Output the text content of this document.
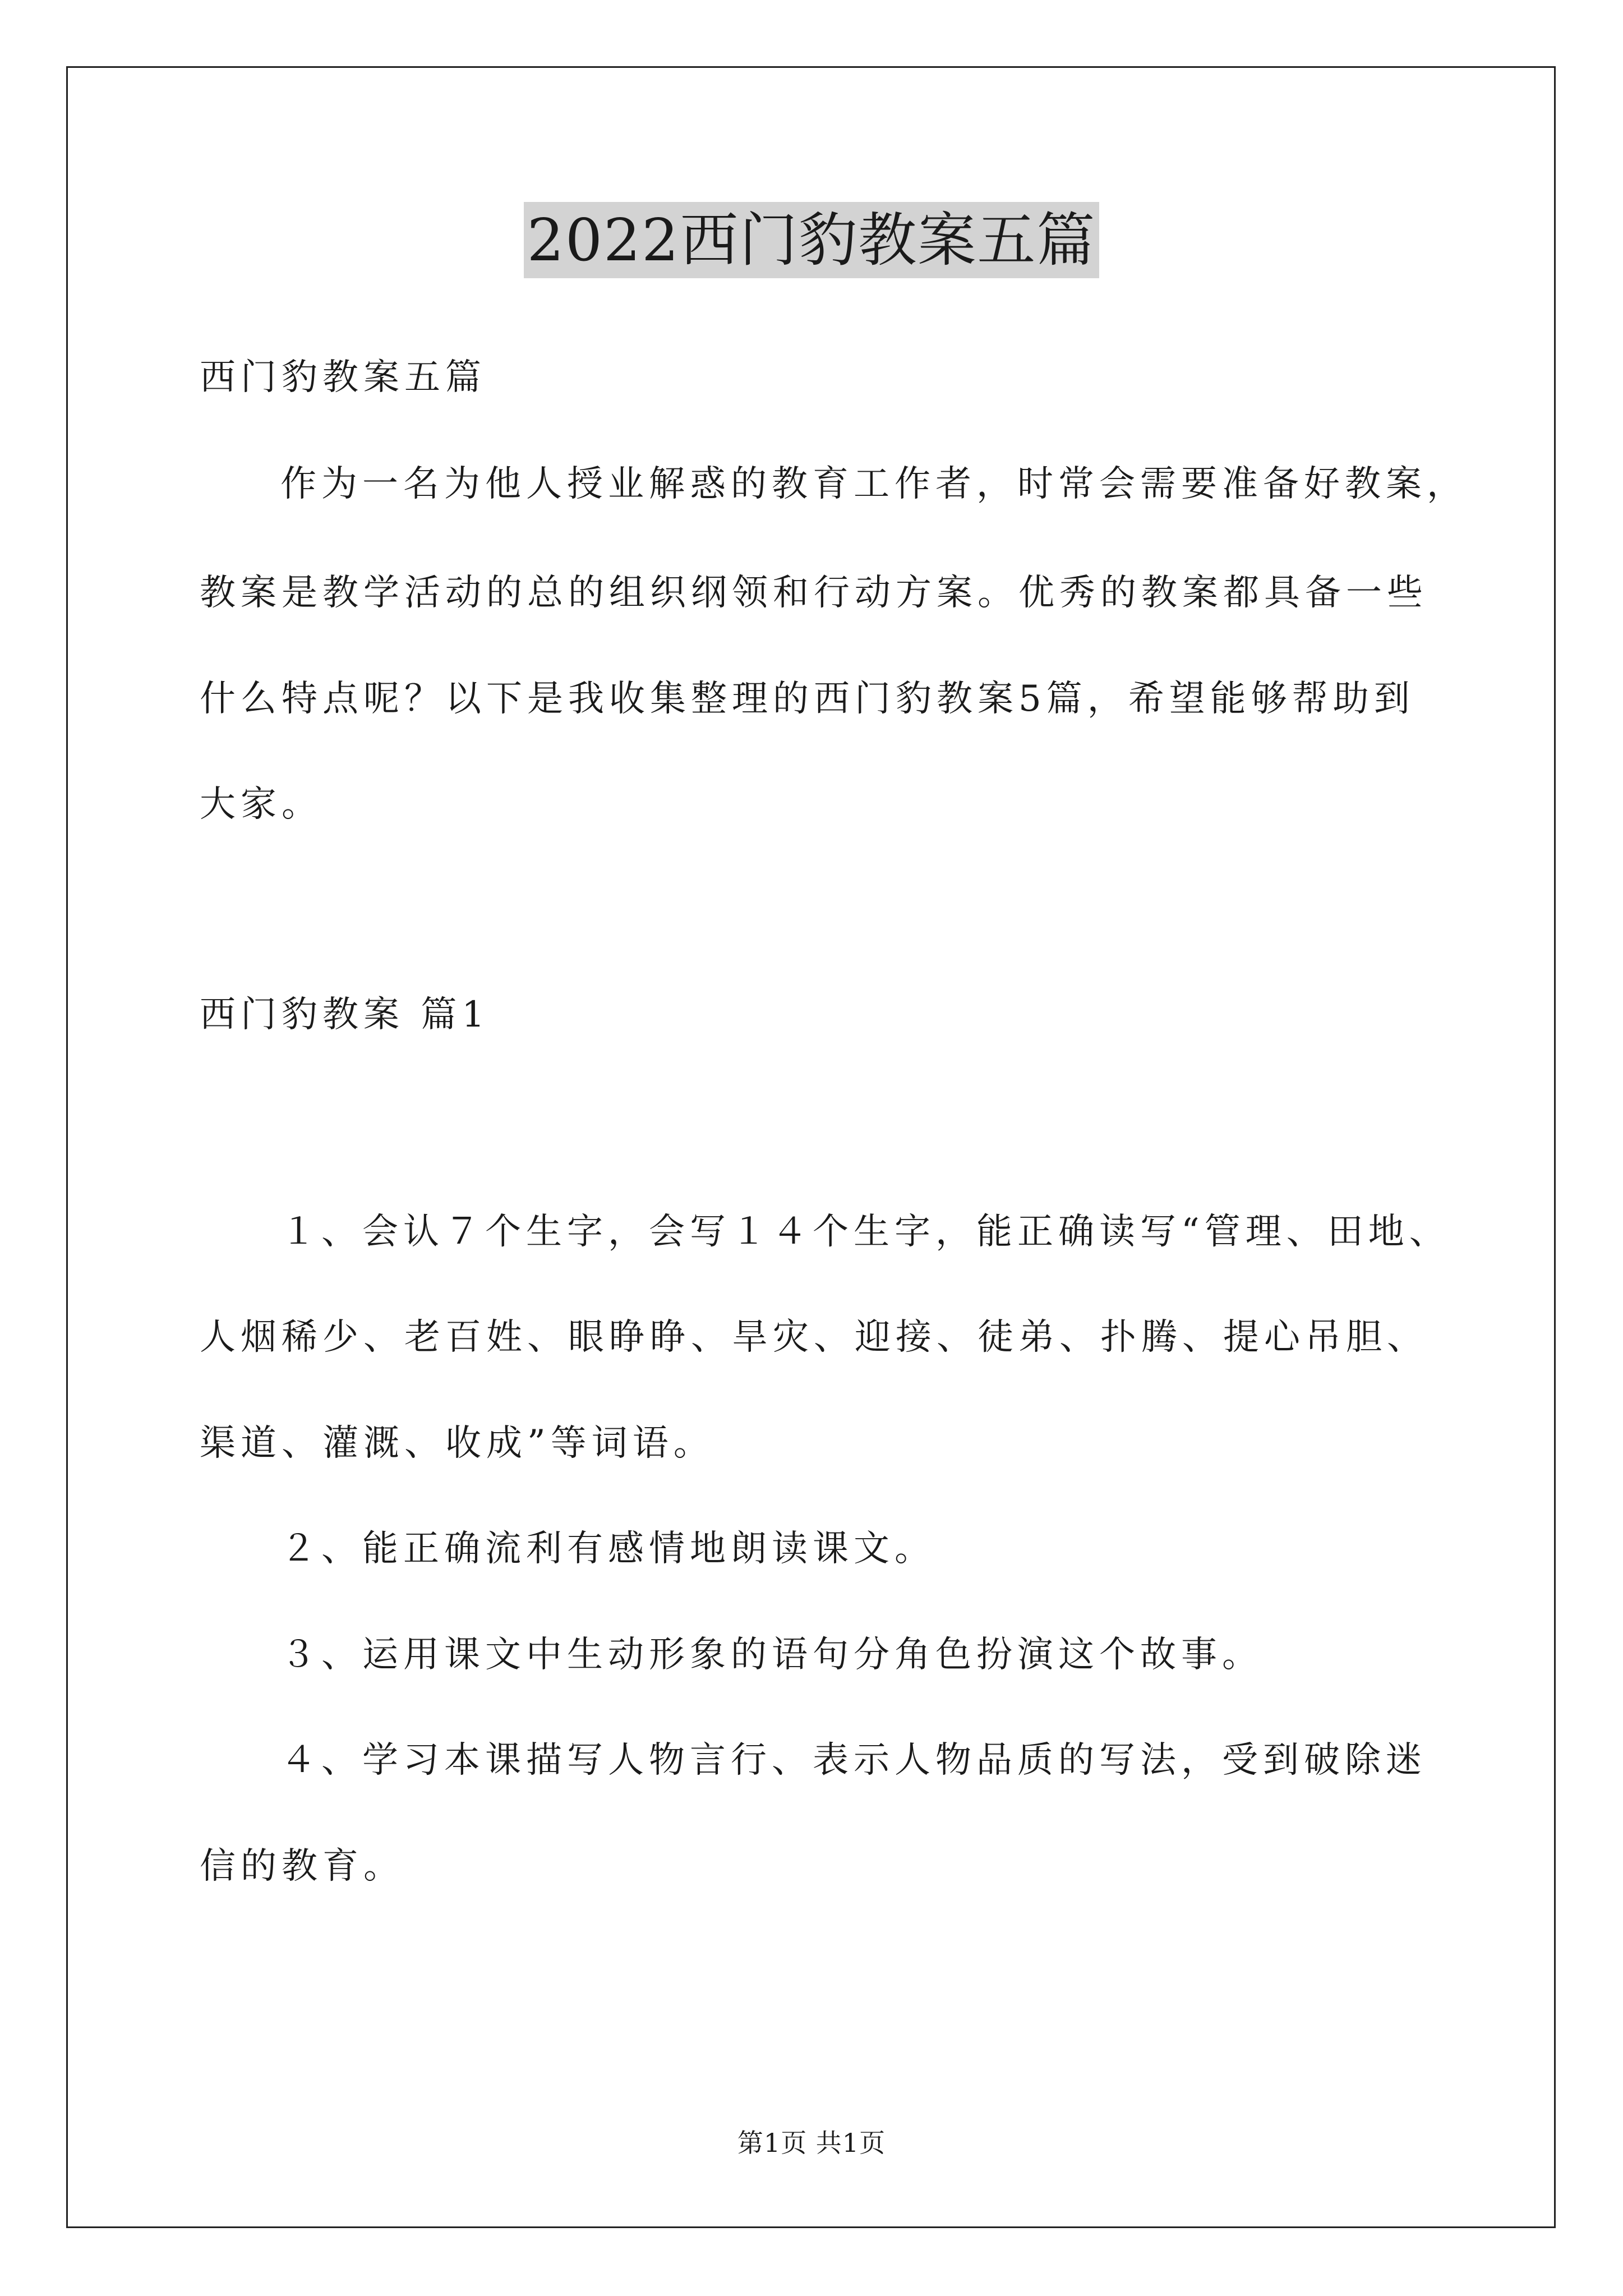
2022西门豹教案五篇
西门豹教案五篇
作为一名为他人授业解惑的教育工作者，时常会需要准备好教案，
教案是教学活动的总的组织纲领和行动方案。优秀的教案都具备一些
什么特点呢？以下是我收集整理的西门豹教案5篇，希望能够帮助到
大家。
西门豹教案 篇1
１、会认７个生字，会写１４个生字，能正确读写“管理、田地、
人烟稀少、老百姓、眼睁睁、旱灾、迎接、徒弟、扑腾、提心吊胆、
渠道、灌溉、收成”等词语。
２、能正确流利有感情地朗读课文。
３、运用课文中生动形象的语句分角色扮演这个故事。
４、学习本课描写人物言行、表示人物品质的写法，受到破除迷
信的教育。
第1页 共1页
